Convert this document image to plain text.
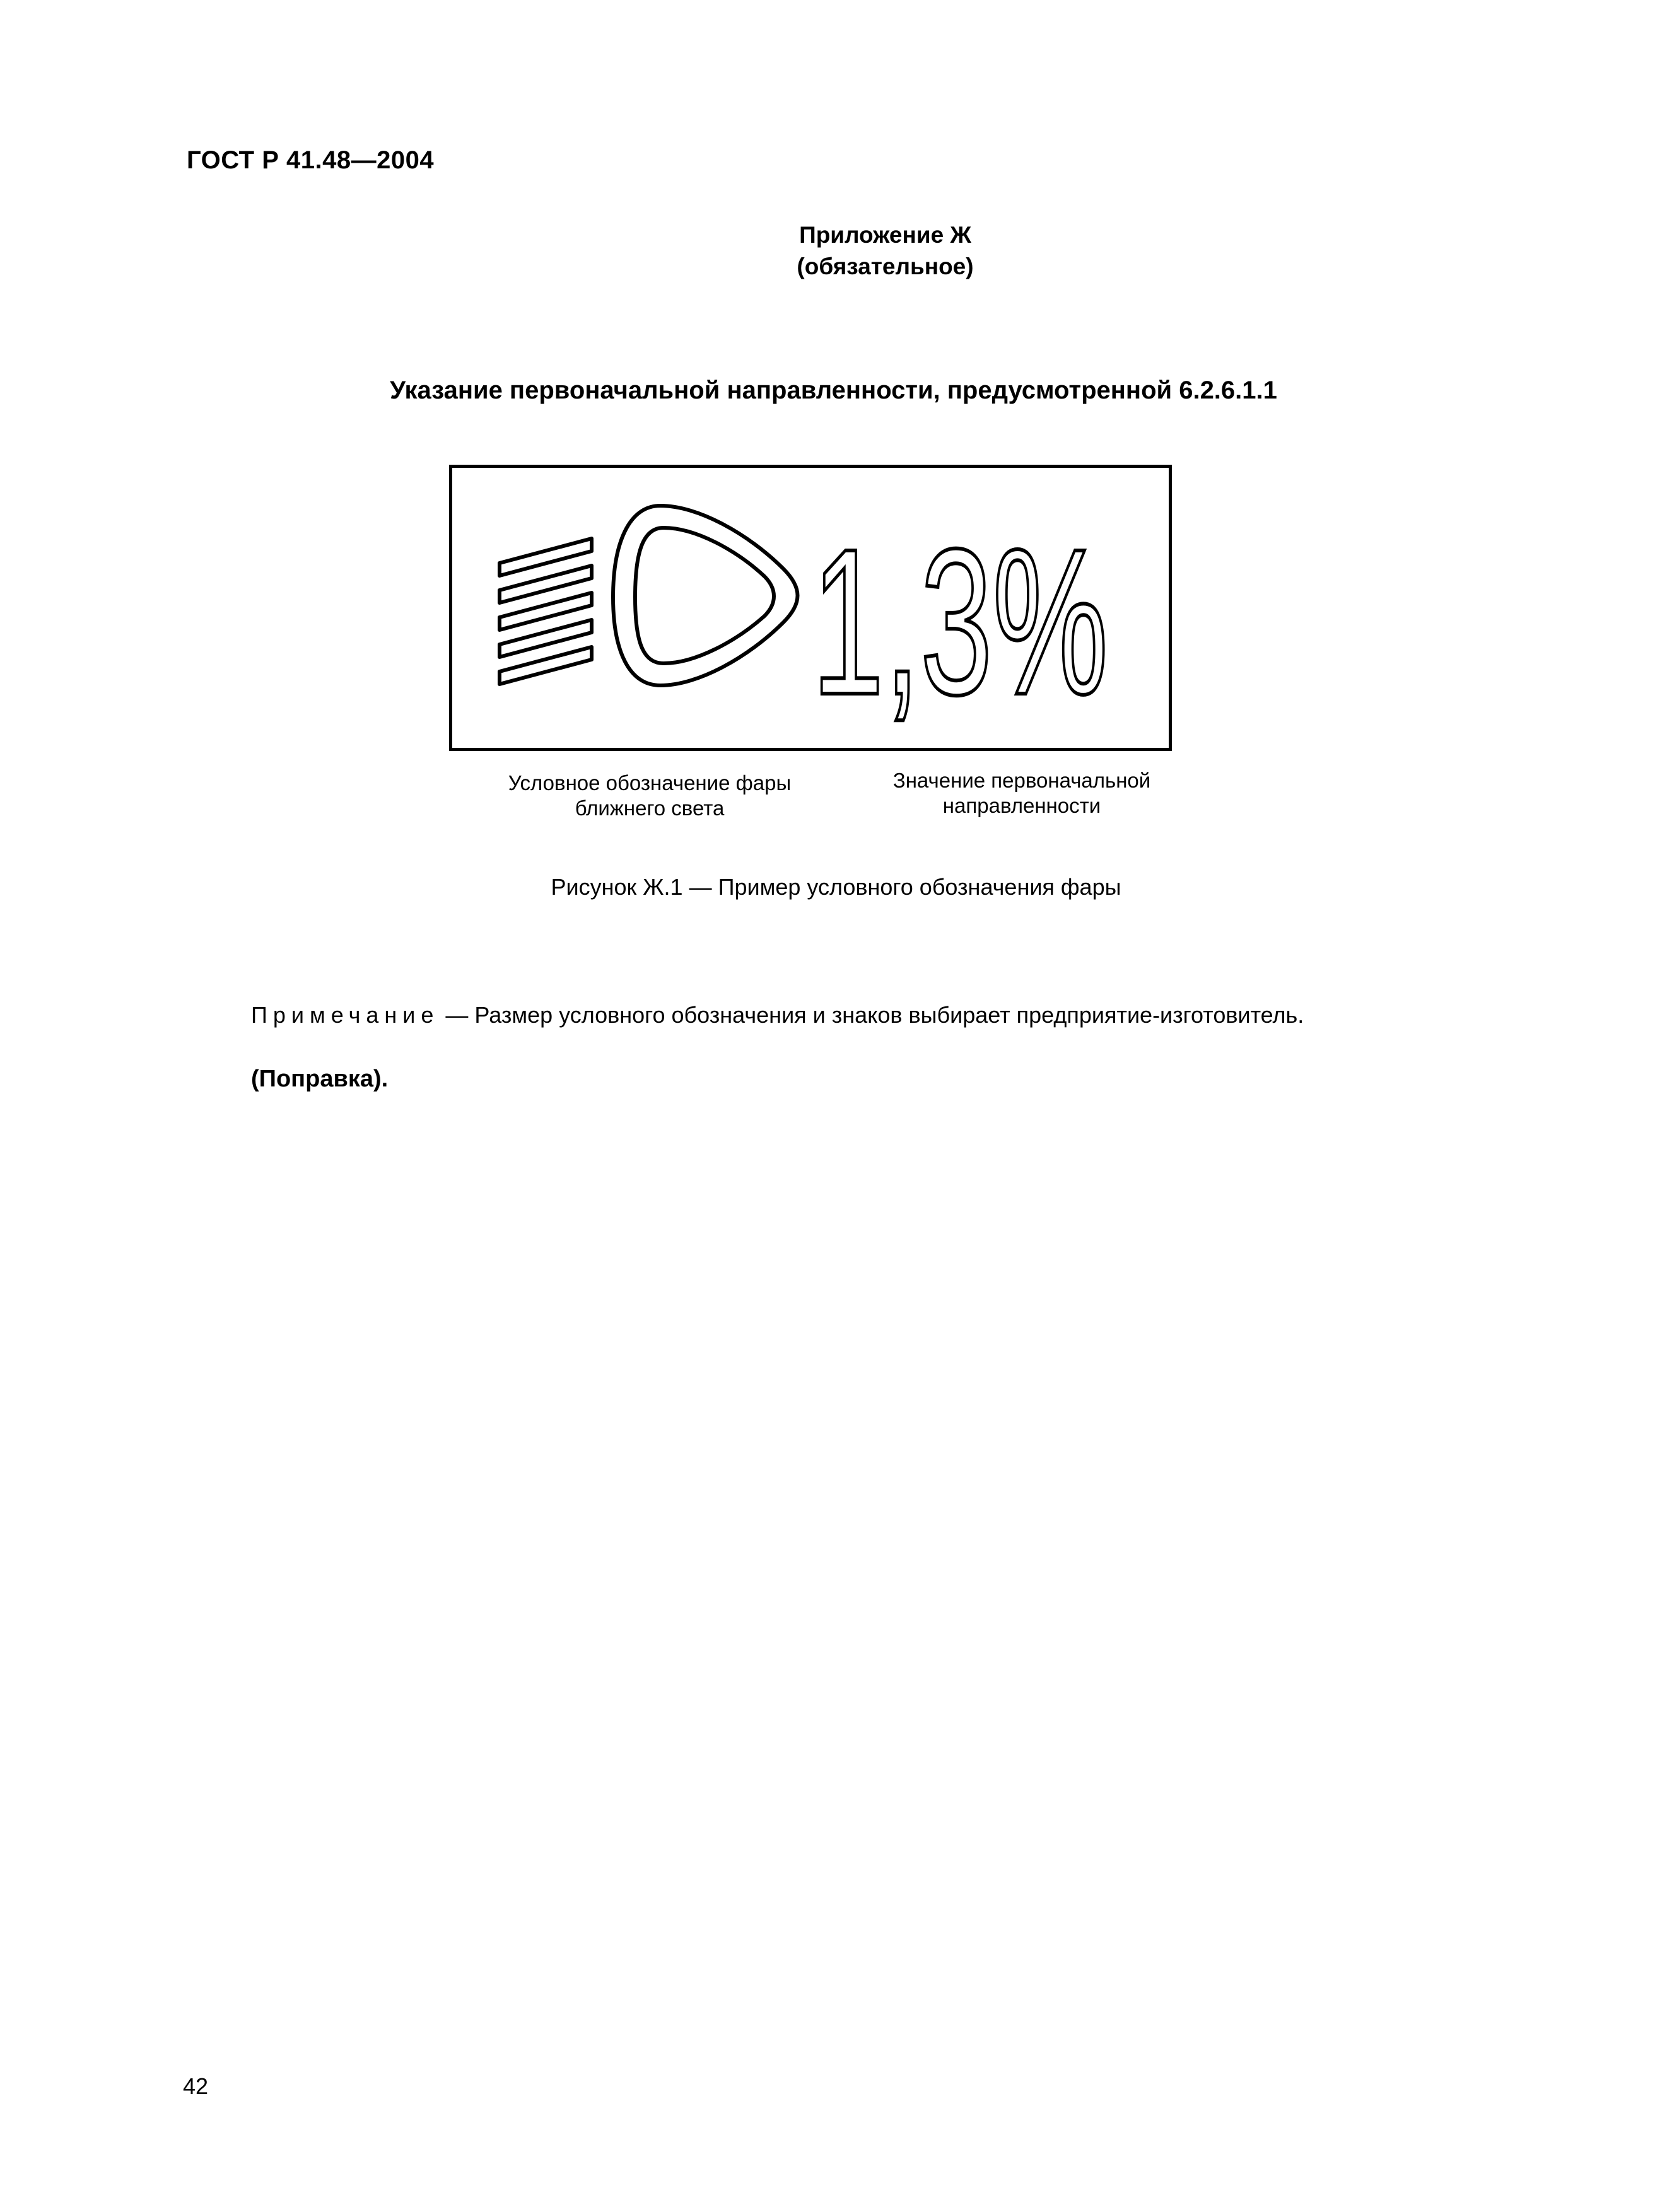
ГОСТ Р 41.48—2004
Приложение Ж
(обязательное)
Указание первоначальной направленности, предусмотренной 6.2.6.1.1
1,3%
Условное обозначение фары
ближнего света
Значение первоначальной
направленности
Рисунок Ж.1 — Пример условного обозначения фары
Примечание — Размер условного обозначения и знаков выбирает предприятие-изготовитель.
(Поправка).
42
